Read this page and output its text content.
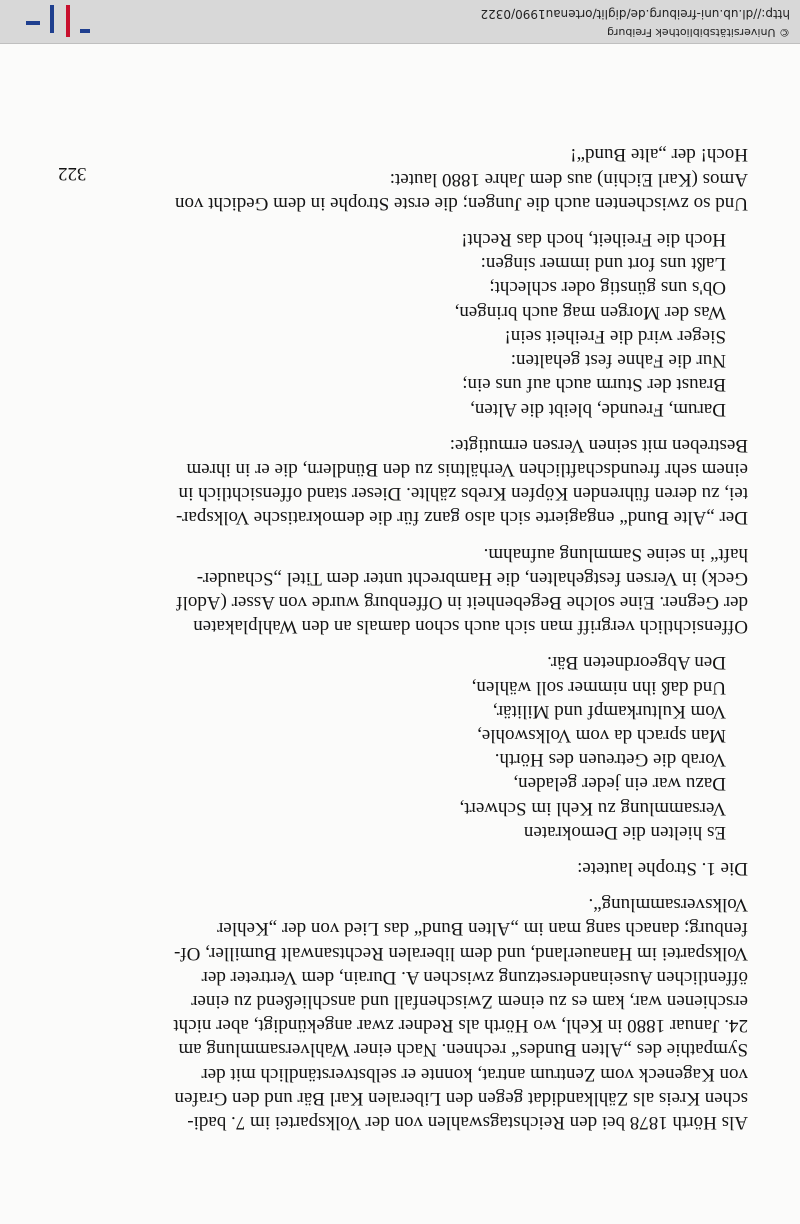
Als Hörth 1878 bei den Reichstagswahlen von der Volkspartei im 7. badi-
schen Kreis als Zählkandidat gegen den Liberalen Karl Bär und den Grafen
von Kageneck vom Zentrum antrat, konnte er selbstverständlich mit der
Sympathie des „Alten Bundes“ rechnen. Nach einer Wahlversammlung am
24. Januar 1880 in Kehl, wo Hörth als Redner zwar angekündigt, aber nicht
erschienen war, kam es zu einem Zwischenfall und anschließend zu einer
öffentlichen Auseinandersetzung zwischen A. Durain, dem Vertreter der
Volkspartei im Hanauerland, und dem liberalen Rechtsanwalt Bumiller, Of-
fenburg; danach sang man im „Alten Bund“ das Lied von der „Kehler
Volksversammlung“.
Die 1. Strophe lautete:
Es hielten die Demokraten
Versammlung zu Kehl im Schwert,
Dazu war ein jeder geladen,
Vorab die Getreuen des Hörth.
Man sprach da vom Volkswohle,
Vom Kulturkampf und Militär,
Und daß ihn nimmer soll wählen,
Den Abgeordneten Bär.
Offensichtlich vergriff man sich auch schon damals an den Wahlplakaten
der Gegner. Eine solche Begebenheit in Offenburg wurde von Asser (Adolf
Geck) in Versen festgehalten, die Hambrecht unter dem Titel „Schauder-
haft“ in seine Sammlung aufnahm.
Der „Alte Bund“ engagierte sich also ganz für die demokratische Volkspar-
tei, zu deren führenden Köpfen Krebs zählte. Dieser stand offensichtlich in
einem sehr freundschaftlichen Verhältnis zu den Bündlern, die er in ihrem
Bestreben mit seinen Versen ermutigte:
Darum, Freunde, bleibt die Alten,
Braust der Sturm auch auf uns ein;
Nur die Fahne fest gehalten:
Sieger wird die Freiheit sein!
Was der Morgen mag auch bringen,
Ob's uns günstig oder schlecht;
Laßt uns fort und immer singen:
Hoch die Freiheit, hoch das Recht!
Und so zwischenten auch die Jungen; die erste Strophe in dem Gedicht von
Amos (Karl Eichin) aus dem Jahre 1880 lautet:
Hoch! der „alte Bund“!
322
© Universitätsbibliothek Freiburg
http://dl.ub.uni-freiburg.de/diglit/ortenau1990/0322
